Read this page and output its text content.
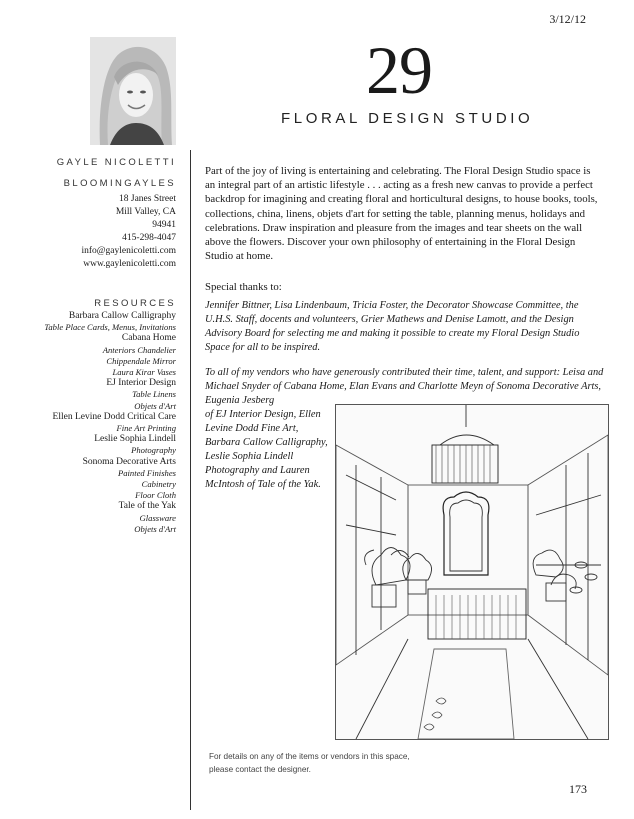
3/12/12
GAYLE NICOLETTI
BLOOMINGAYLES
18 Janes Street
Mill Valley, CA
94941
415-298-4047
info@gaylenicoletti.com
www.gaylenicoletti.com
RESOURCES
Barbara Callow Calligraphy
Table Place Cards, Menus, Invitations
Cabana Home
Anteriors Chandelier
Chippendale Mirror
Laura Kirar Vases
EJ Interior Design
Table Linens
Objets d'Art
Ellen Levine Dodd Critical Care
Fine Art Printing
Leslie Sophia Lindell
Photography
Sonoma Decorative Arts
Painted Finishes
Cabinetry
Floor Cloth
Tale of the Yak
Glassware
Objets d'Art
29
FLORAL DESIGN STUDIO
Part of the joy of living is entertaining and celebrating. The Floral Design Studio space is an integral part of an artistic lifestyle . . . acting as a fresh new canvas to provide a perfect backdrop for imagining and creating floral and horticultural designs, to house books, tools, collections, china, linens, objets d'art for setting the table, planning menus, holidays and celebrations. Draw inspiration and pleasure from the images and tear sheets on the wall above the flowers. Discover your own philosophy of entertaining in the Floral Design Studio at home.
Special thanks to:
Jennifer Bittner, Lisa Lindenbaum, Tricia Foster, the Decorator Showcase Committee, the U.H.S. Staff, docents and volunteers, Grier Mathews and Denise Lamott, and the Design Advisory Board for selecting me and making it possible to create my Floral Design Studio Space for all to be inspired.
To all of my vendors who have generously contributed their time, talent, and support: Leisa and Michael Snyder of Cabana Home, Elan Evans and Charlotte Meyn of Sonoma Decorative Arts, Eugenia Jesberg
of EJ Interior Design, Ellen Levine Dodd Fine Art, Barbara Callow Calligraphy, Leslie Sophia Lindell Photography and Lauren McIntosh of Tale of the Yak.
For details on any of the items or vendors in this space,
please contact the designer.
173
